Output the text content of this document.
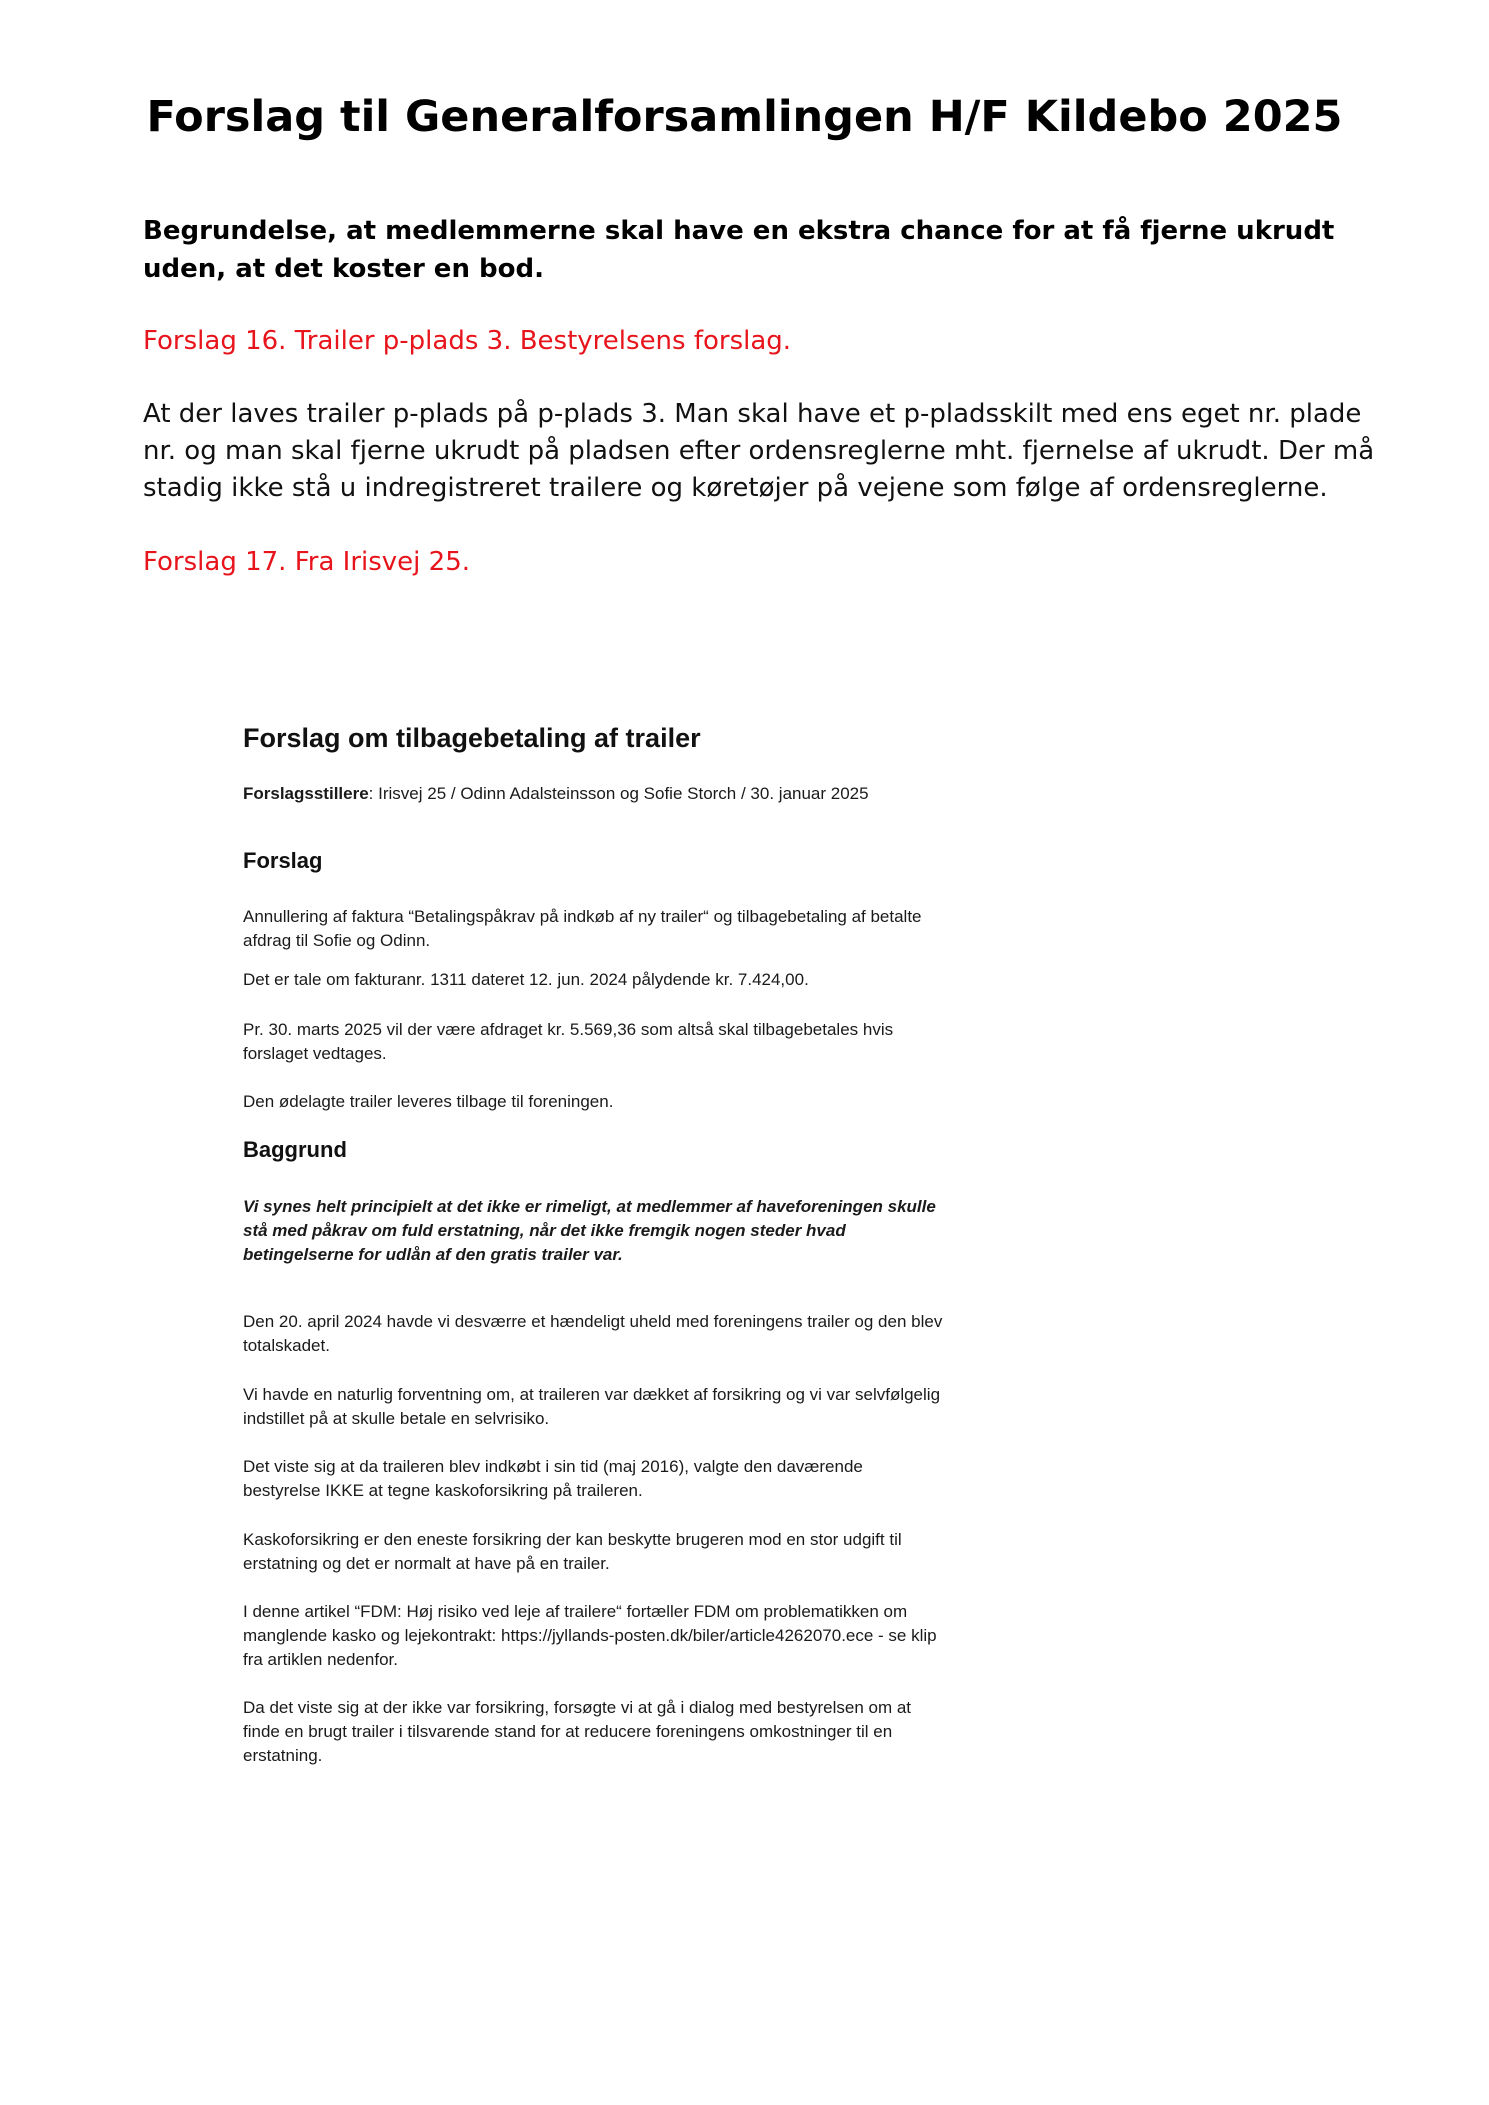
Forslag til Generalforsamlingen H/F Kildebo 2025
Begrundelse, at medlemmerne skal have en ekstra chance for at få fjerne ukrudt uden, at det koster en bod.
Forslag 16. Trailer p-plads 3. Bestyrelsens forslag.
At der laves trailer p-plads på p-plads 3. Man skal have et p-pladsskilt med ens eget nr. plade nr. og man skal fjerne ukrudt på pladsen efter ordensreglerne mht. fjernelse af ukrudt. Der må stadig ikke stå u indregistreret trailere og køretøjer på vejene som følge af ordensreglerne.
Forslag 17. Fra Irisvej 25.
Forslag om tilbagebetaling af trailer
Forslagsstillere: Irisvej 25 / Odinn Adalsteinsson og Sofie Storch / 30. januar 2025
Forslag

Annullering af faktura “Betalingspåkrav på indkøb af ny trailer“ og tilbagebetaling af betalte afdrag til Sofie og Odinn.

Det er tale om fakturanr. 1311 dateret 12. jun. 2024 pålydende kr. 7.424,00.

Pr. 30. marts 2025 vil der være afdraget kr. 5.569,36 som altså skal tilbagebetales hvis forslaget vedtages.

Den ødelagte trailer leveres tilbage til foreningen.

Baggrund

Vi synes helt principielt at det ikke er rimeligt, at medlemmer af haveforeningen skulle stå med påkrav om fuld erstatning, når det ikke fremgik nogen steder hvad betingelserne for udlån af den gratis trailer var.

Den 20. april 2024 havde vi desværre et hændeligt uheld med foreningens trailer og den blev totalskadet.

Vi havde en naturlig forventning om, at traileren var dækket af forsikring og vi var selvfølgelig indstillet på at skulle betale en selvrisiko.

Det viste sig at da traileren blev indkøbt i sin tid (maj 2016), valgte den daværende bestyrelse IKKE at tegne kaskoforsikring på traileren.

Kaskoforsikring er den eneste forsikring der kan beskytte brugeren mod en stor udgift til erstatning og det er normalt at have på en trailer.

I denne artikel “FDM: Høj risiko ved leje af trailere“ fortæller FDM om problematikken om manglende kasko og lejekontrakt: https://jyllands-posten.dk/biler/article4262070.ece - se klip fra artiklen nedenfor.

Da det viste sig at der ikke var forsikring, forsøgte vi at gå i dialog med bestyrelsen om at finde en brugt trailer i tilsvarende stand for at reducere foreningens omkostninger til en erstatning.
